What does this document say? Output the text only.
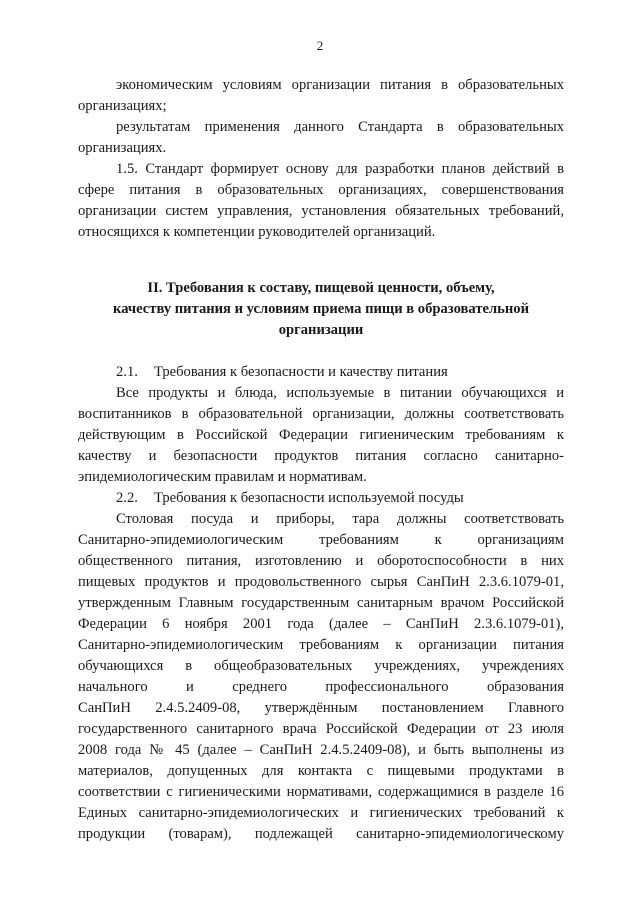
2
экономическим условиям организации питания в образовательных
организациях;
результатам применения данного Стандарта в образовательных
организациях.
1.5. Стандарт формирует основу для разработки планов действий в
сфере питания в образовательных организациях, совершенствования
организации систем управления, установления обязательных требований,
относящихся к компетенции руководителей организаций.
II. Требования к составу, пищевой ценности, объему,
качеству питания и условиям приема пищи в образовательной
организации
2.1. Требования к безопасности и качеству питания
Все продукты и блюда, используемые в питании обучающихся и
воспитанников в образовательной организации, должны соответствовать
действующим в Российской Федерации гигиеническим требованиям к
качеству и безопасности продуктов питания согласно санитарно-
эпидемиологическим правилам и нормативам.
2.2. Требования к безопасности используемой посуды
Столовая посуда и приборы, тара должны соответствовать
Санитарно-эпидемиологическим требованиям к организациям
общественного питания, изготовлению и оборотоспособности в них
пищевых продуктов и продовольственного сырья СанПиН 2.3.6.1079-01,
утвержденным Главным государственным санитарным врачом Российской
Федерации 6 ноября 2001 года (далее – СанПиН 2.3.6.1079-01),
Санитарно-эпидемиологическим требованиям к организации питания
обучающихся в общеобразовательных учреждениях, учреждениях
начального и среднего профессионального образования
СанПиН 2.4.5.2409-08, утверждённым постановлением Главного
государственного санитарного врача Российской Федерации от 23 июля
2008 года № 45 (далее – СанПиН 2.4.5.2409-08), и быть выполнены из
материалов, допущенных для контакта с пищевыми продуктами в
соответствии с гигиеническими нормативами, содержащимися в разделе 16
Единых санитарно-эпидемиологических и гигиенических требований к
продукции (товарам), подлежащей санитарно-эпидемиологическому
